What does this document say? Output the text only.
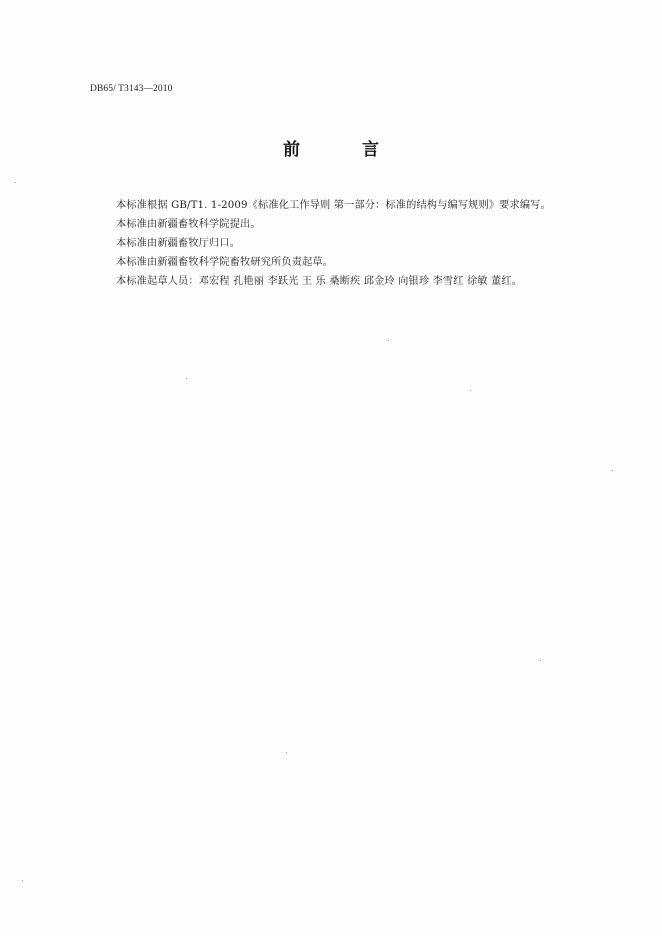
DB65/ T3143—2010
前 言
本标准根据 GB/T1. 1-2009《标准化工作导则 第一部分：标准的结构与编写规则》要求编写。
本标准由新疆畜牧科学院提出。
本标准由新疆畜牧厅归口。
本标准由新疆畜牧科学院畜牧研究所负责起草。
本标准起草人员：邓宏程 孔艳丽 李跃光 王 乐 桑断疾 邱金玲 向银珍 李雪红 徐敏 董红。
